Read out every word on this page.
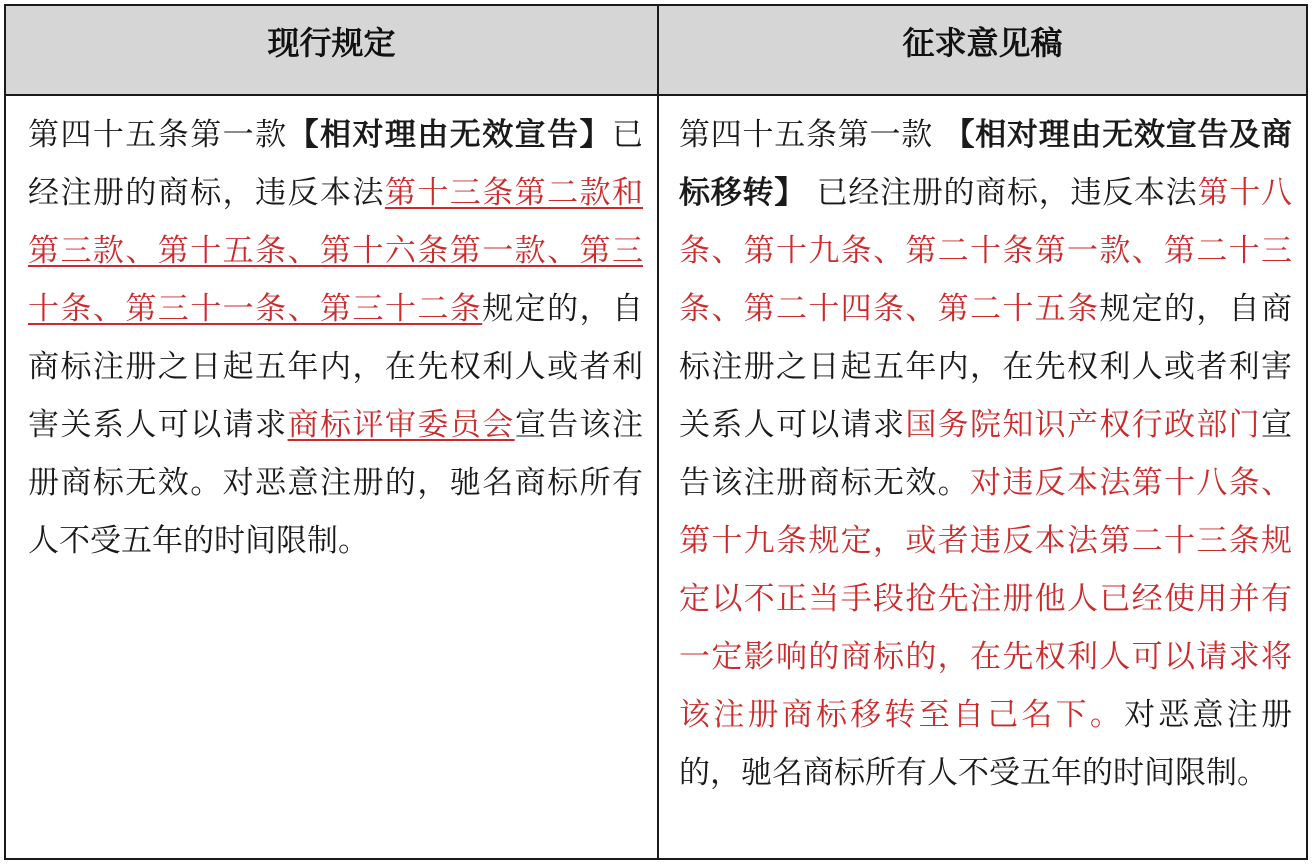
现行规定	征求意见稿
第四十五条第一款【相对理由无效宣告】已经注册的商标，违反本法第十三条第二款和第三款、第十五条、第十六条第一款、第三十条、第三十一条、第三十二条规定的，自商标注册之日起五年内，在先权利人或者利害关系人可以请求商标评审委员会宣告该注册商标无效。对恶意注册的，驰名商标所有人不受五年的时间限制。
第四十五条第一款 【相对理由无效宣告及商标移转】 已经注册的商标，违反本法第十八条、第十九条、第二十条第一款、第二十三条、第二十四条、第二十五条规定的，自商标注册之日起五年内，在先权利人或者利害关系人可以请求国务院知识产权行政部门宣告该注册商标无效。对违反本法第十八条、第十九条规定，或者违反本法第二十三条规定以不正当手段抢先注册他人已经使用并有一定影响的商标的，在先权利人可以请求将该注册商标移转至自己名下。对恶意注册的，驰名商标所有人不受五年的时间限制。
